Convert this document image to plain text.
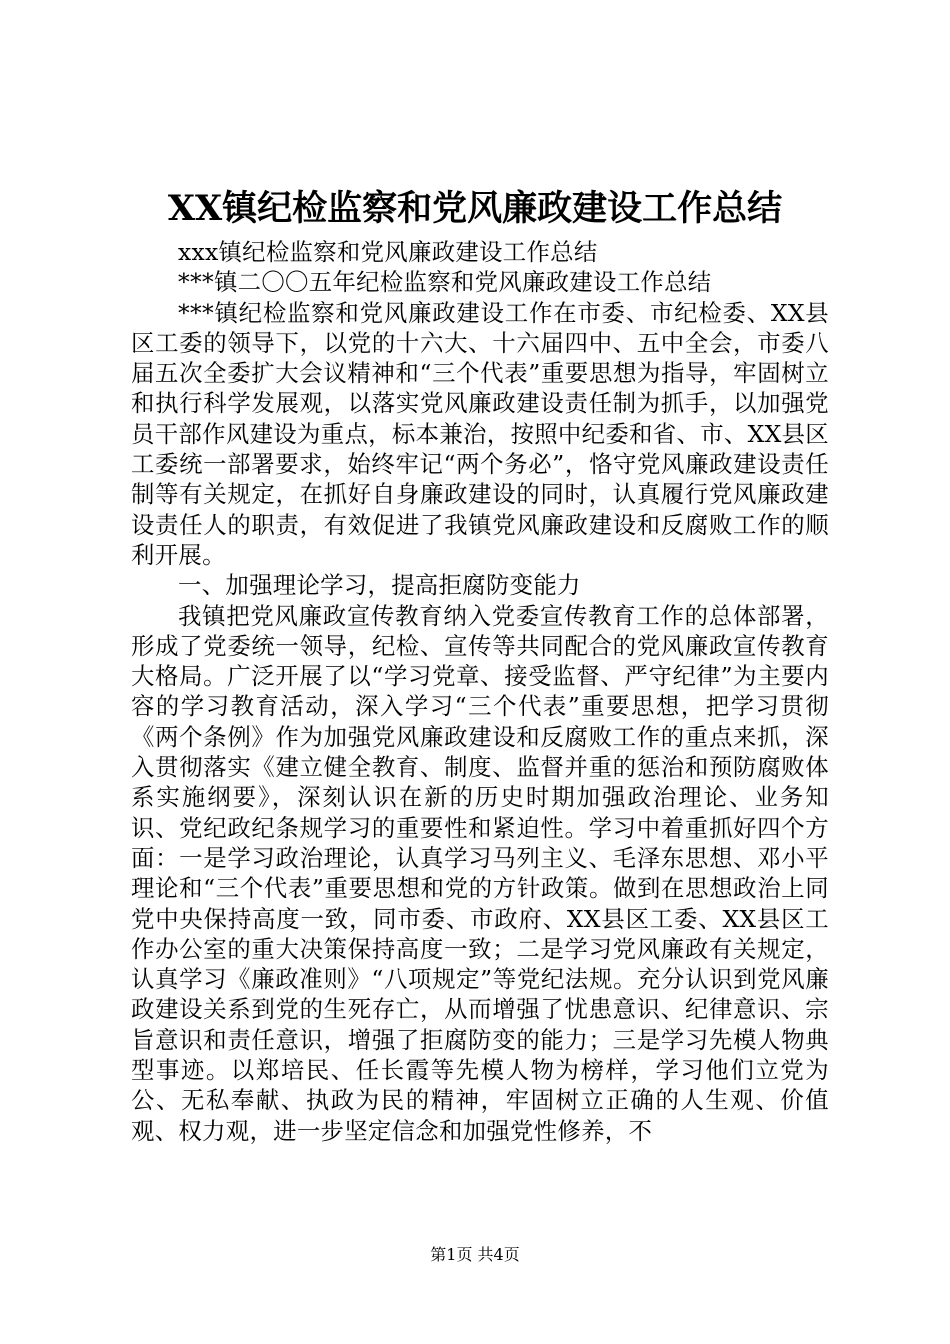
XX镇纪检监察和党风廉政建设工作总结

xxx镇纪检监察和党风廉政建设工作总结

***镇二〇〇五年纪检监察和党风廉政建设工作总结

***镇纪检监察和党风廉政建设工作在市委、市纪检委、XX县区工委的领导下，以党的十六大、十六届四中、五中全会，市委八届五次全委扩大会议精神和“三个代表”重要思想为指导，牢固树立和执行科学发展观，以落实党风廉政建设责任制为抓手，以加强党员干部作风建设为重点，标本兼治，按照中纪委和省、市、XX县区工委统一部署要求，始终牢记“两个务必”，恪守党风廉政建设责任制等有关规定，在抓好自身廉政建设的同时，认真履行党风廉政建设责任人的职责，有效促进了我镇党风廉政建设和反腐败工作的顺利开展。

一、加强理论学习，提高拒腐防变能力

我镇把党风廉政宣传教育纳入党委宣传教育工作的总体部署，形成了党委统一领导，纪检、宣传等共同配合的党风廉政宣传教育大格局。广泛开展了以“学习党章、接受监督、严守纪律”为主要内容的学习教育活动，深入学习“三个代表”重要思想，把学习贯彻《两个条例》作为加强党风廉政建设和反腐败工作的重点来抓，深入贯彻落实《建立健全教育、制度、监督并重的惩治和预防腐败体系实施纲要》，深刻认识在新的历史时期加强政治理论、业务知识、党纪政纪条规学习的重要性和紧迫性。学习中着重抓好四个方面：一是学习政治理论，认真学习马列主义、毛泽东思想、邓小平理论和“三个代表”重要思想和党的方针政策。做到在思想政治上同党中央保持高度一致，同市委、市政府、XX县区工委、XX县区工作办公室的重大决策保持高度一致；二是学习党风廉政有关规定，认真学习《廉政准则》“八项规定”等党纪法规。充分认识到党风廉政建设关系到党的生死存亡，从而增强了忧患意识、纪律意识、宗旨意识和责任意识，增强了拒腐防变的能力；三是学习先模人物典型事迹。以郑培民、任长霞等先模人物为榜样，学习他们立党为公、无私奉献、执政为民的精神，牢固树立正确的人生观、价值观、权力观，进一步坚定信念和加强党性修养，不

第1页 共4页
